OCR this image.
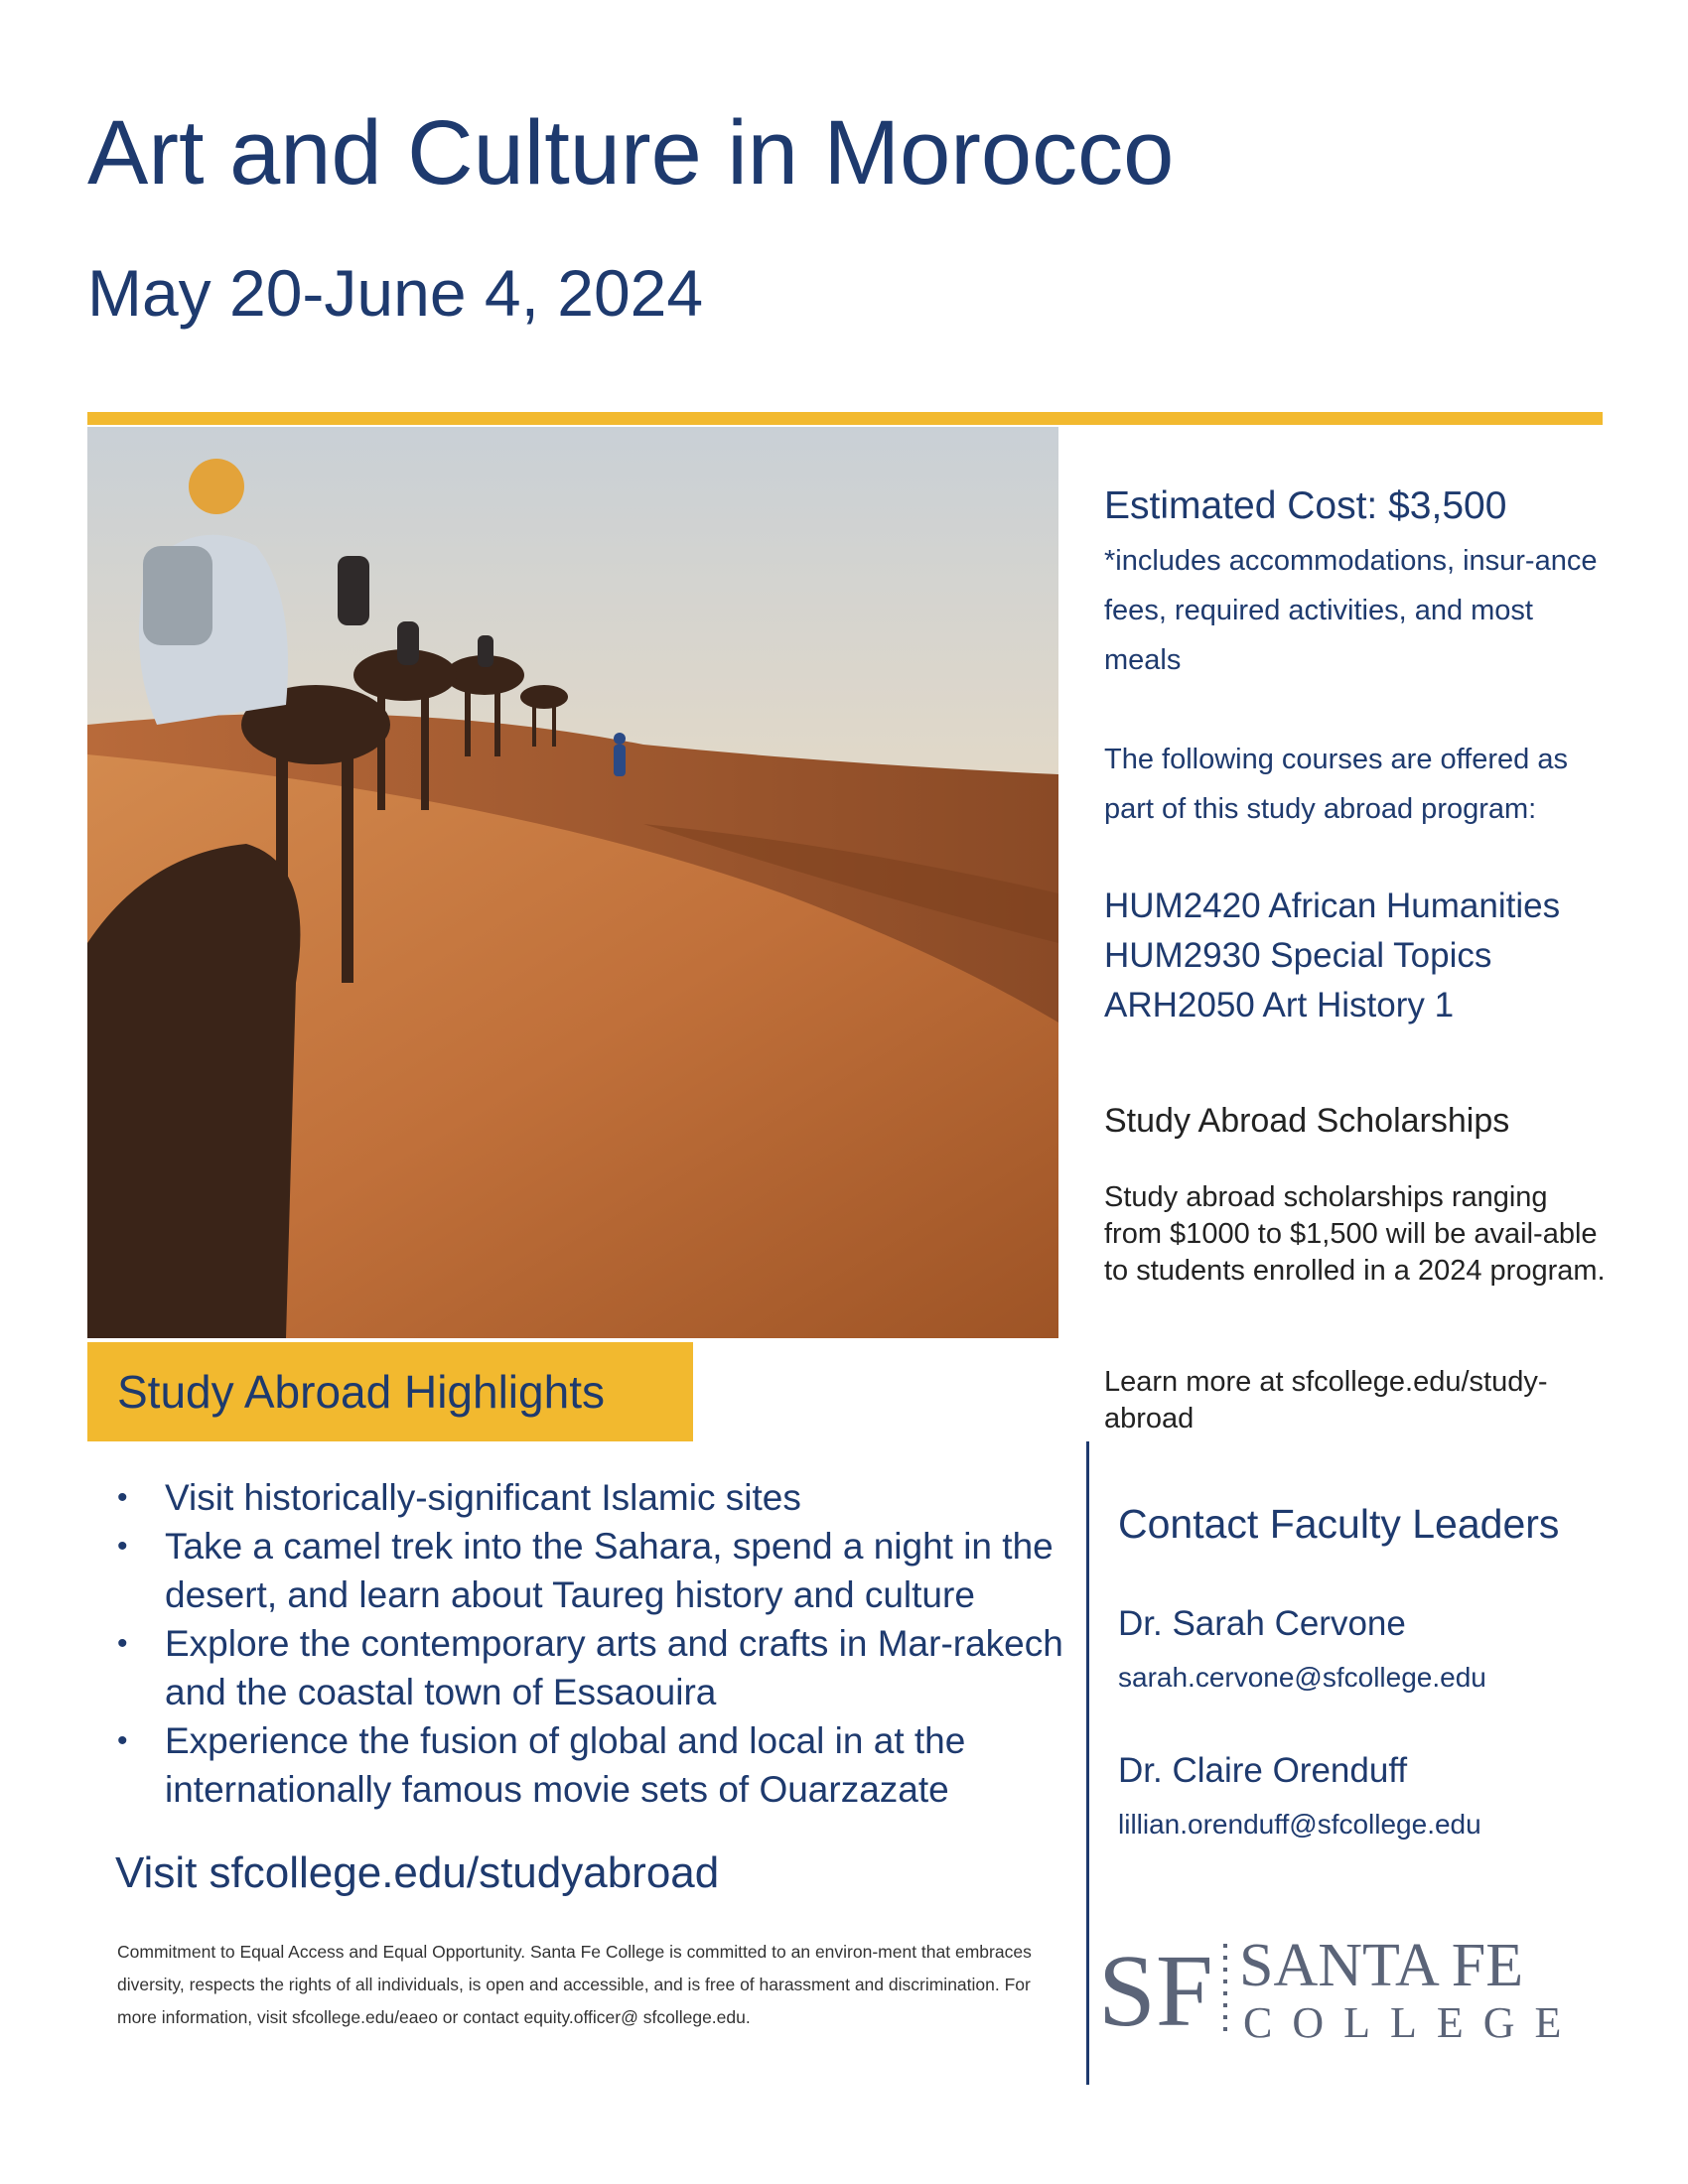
Art and Culture in Morocco
May 20-June 4, 2024
Study Abroad Highlights
• Visit historically-significant Islamic sites
• Take a camel trek into the Sahara, spend a night in the desert, and learn about Taureg history and culture
• Explore the contemporary arts and crafts in Mar-rakech and the coastal town of Essaouira
• Experience the fusion of global and local in at the internationally famous movie sets of Ouarzazate
Visit sfcollege.edu/studyabroad
Commitment to Equal Access and Equal Opportunity. Santa Fe College is committed to an environ-ment that embraces diversity, respects the rights of all individuals, is open and accessible, and is free of harassment and discrimination. For more information, visit sfcollege.edu/eaeo or contact equity.officer@ sfcollege.edu.
Estimated Cost: $3,500
*includes accommodations, insur-ance fees, required activities, and most meals
The following courses are offered as part of this study abroad program:
HUM2420 African Humanities
HUM2930 Special Topics
ARH2050 Art History 1
Study Abroad Scholarships
Study abroad scholarships ranging from $1000 to $1,500 will be avail-able to students enrolled in a 2024 program.
Learn more at sfcollege.edu/study-abroad
Contact Faculty Leaders
Dr. Sarah Cervone
sarah.cervone@sfcollege.edu
Dr. Claire Orenduff
lillian.orenduff@sfcollege.edu
SF SANTA FE
COLLEGE
